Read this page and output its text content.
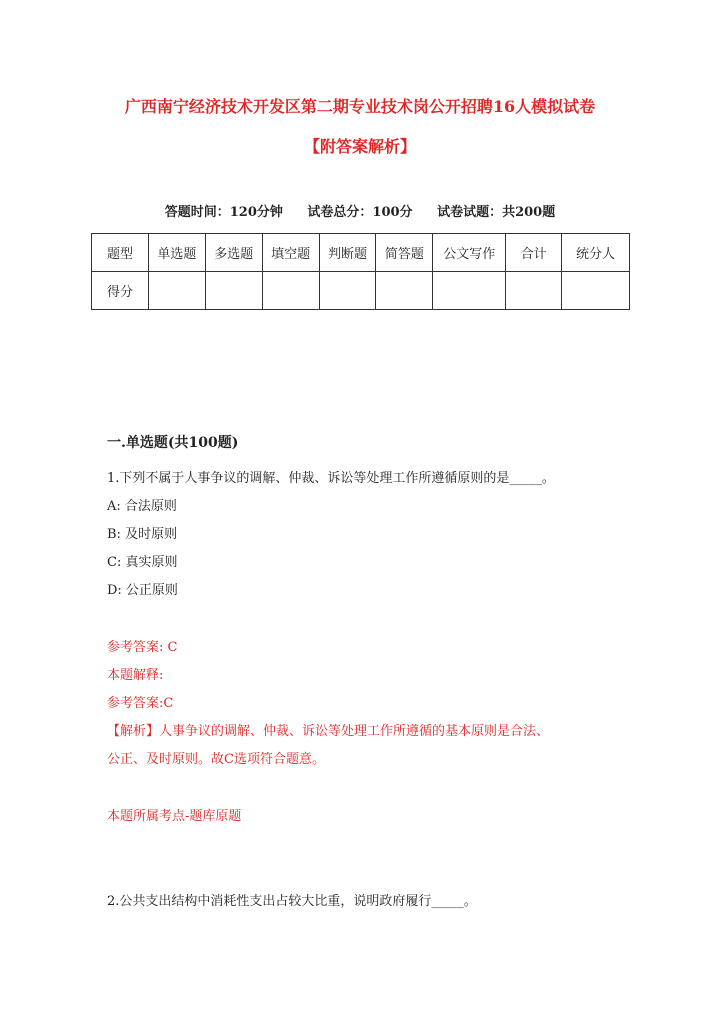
广西南宁经济技术开发区第二期专业技术岗公开招聘16人模拟试卷
【附答案解析】
答题时间：120分钟 试卷总分：100分 试卷试题：共200题
题型	单选题	多选题	填空题	判断题	简答题	公文写作	合计	统分人
得分								
一.单选题(共100题)
1.下列不属于人事争议的调解、仲裁、诉讼等处理工作所遵循原则的是_____。
A: 合法原则
B: 及时原则
C: 真实原则
D: 公正原则
参考答案: C
本题解释:
参考答案:C
【解析】人事争议的调解、仲裁、诉讼等处理工作所遵循的基本原则是合法、
公正、及时原则。故C选项符合题意。
本题所属考点-题库原题
2.公共支出结构中消耗性支出占较大比重，说明政府履行_____。
